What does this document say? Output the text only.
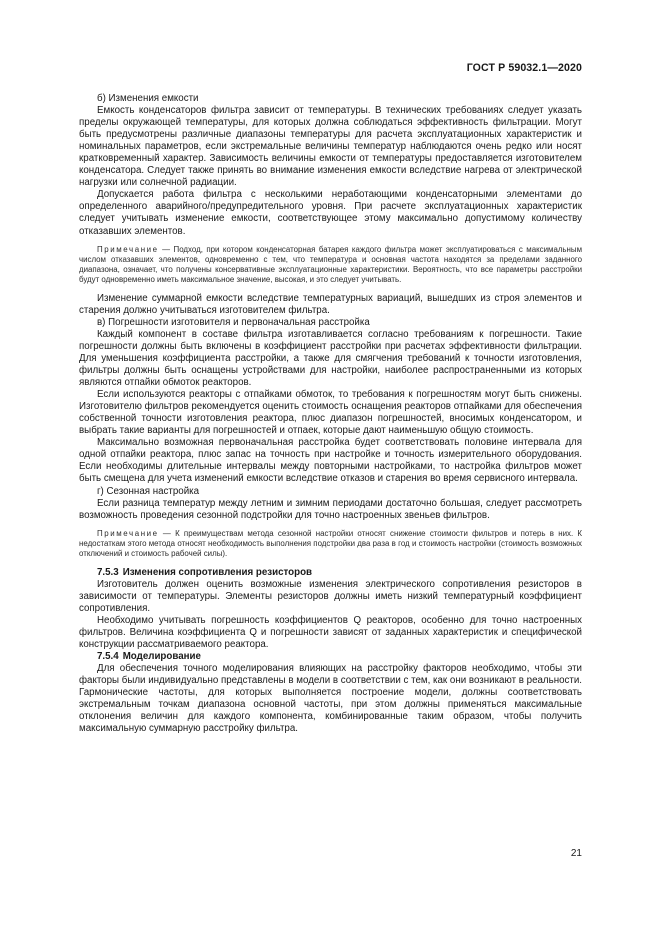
ГОСТ Р 59032.1—2020

б) Изменения емкости

Емкость конденсаторов фильтра зависит от температуры. В технических требованиях следует указать пределы окружающей температуры, для которых должна соблюдаться эффективность фильтрации. Могут быть предусмотрены различные диапазоны температуры для расчета эксплуатационных характеристик и номинальных параметров, если экстремальные величины температур наблюдаются очень редко или носят кратковременный характер. Зависимость величины емкости от температуры предоставляется изготовителем конденсатора. Следует также принять во внимание изменения емкости вследствие нагрева от электрической нагрузки или солнечной радиации.

Допускается работа фильтра с несколькими неработающими конденсаторными элементами до определенного аварийного/предупредительного уровня. При расчете эксплуатационных характеристик следует учитывать изменение емкости, соответствующее этому максимально допустимому количеству отказавших элементов.

Примечание — Подход, при котором конденсаторная батарея каждого фильтра может эксплуатироваться с максимальным числом отказавших элементов, одновременно с тем, что температура и основная частота находятся за пределами заданного диапазона, означает, что получены консервативные эксплуатационные характеристики. Вероятность, что все параметры расстройки будут одновременно иметь максимальное значение, высокая, и это следует учитывать.

Изменение суммарной емкости вследствие температурных вариаций, вышедших из строя элементов и старения должно учитываться изготовителем фильтра.

в) Погрешности изготовителя и первоначальная расстройка

Каждый компонент в составе фильтра изготавливается согласно требованиям к погрешности. Такие погрешности должны быть включены в коэффициент расстройки при расчетах эффективности фильтрации. Для уменьшения коэффициента расстройки, а также для смягчения требований к точности изготовления, фильтры должны быть оснащены устройствами для настройки, наиболее распространенными из которых являются отпайки обмоток реакторов.

Если используются реакторы с отпайками обмоток, то требования к погрешностям могут быть снижены. Изготовителю фильтров рекомендуется оценить стоимость оснащения реакторов отпайками для обеспечения собственной точности изготовления реактора, плюс диапазон погрешностей, вносимых конденсатором, и выбрать такие варианты для погрешностей и отпаек, которые дают наименьшую общую стоимость.

Максимально возможная первоначальная расстройка будет соответствовать половине интервала для одной отпайки реактора, плюс запас на точность при настройке и точность измерительного оборудования. Если необходимы длительные интервалы между повторными настройками, то настройка фильтров может быть смещена для учета изменений емкости вследствие отказов и старения во время сервисного интервала.

г) Сезонная настройка

Если разница температур между летним и зимним периодами достаточно большая, следует рассмотреть возможность проведения сезонной подстройки для точно настроенных звеньев фильтров.

Примечание — К преимуществам метода сезонной настройки относят снижение стоимости фильтров и потерь в них. К недостаткам этого метода относят необходимость выполнения подстройки два раза в год и стоимость настройки (стоимость возможных отключений и стоимость рабочей силы).

7.5.3 Изменения сопротивления резисторов

Изготовитель должен оценить возможные изменения электрического сопротивления резисторов в зависимости от температуры. Элементы резисторов должны иметь низкий температурный коэффициент сопротивления.

Необходимо учитывать погрешность коэффициентов Q реакторов, особенно для точно настроенных фильтров. Величина коэффициента Q и погрешности зависят от заданных характеристик и специфической конструкции рассматриваемого реактора.

7.5.4 Моделирование

Для обеспечения точного моделирования влияющих на расстройку факторов необходимо, чтобы эти факторы были индивидуально представлены в модели в соответствии с тем, как они возникают в реальности. Гармонические частоты, для которых выполняется построение модели, должны соответствовать экстремальным точкам диапазона основной частоты, при этом должны применяться максимальные отклонения величин для каждого компонента, комбинированные таким образом, чтобы получить максимальную суммарную расстройку фильтра.

21
